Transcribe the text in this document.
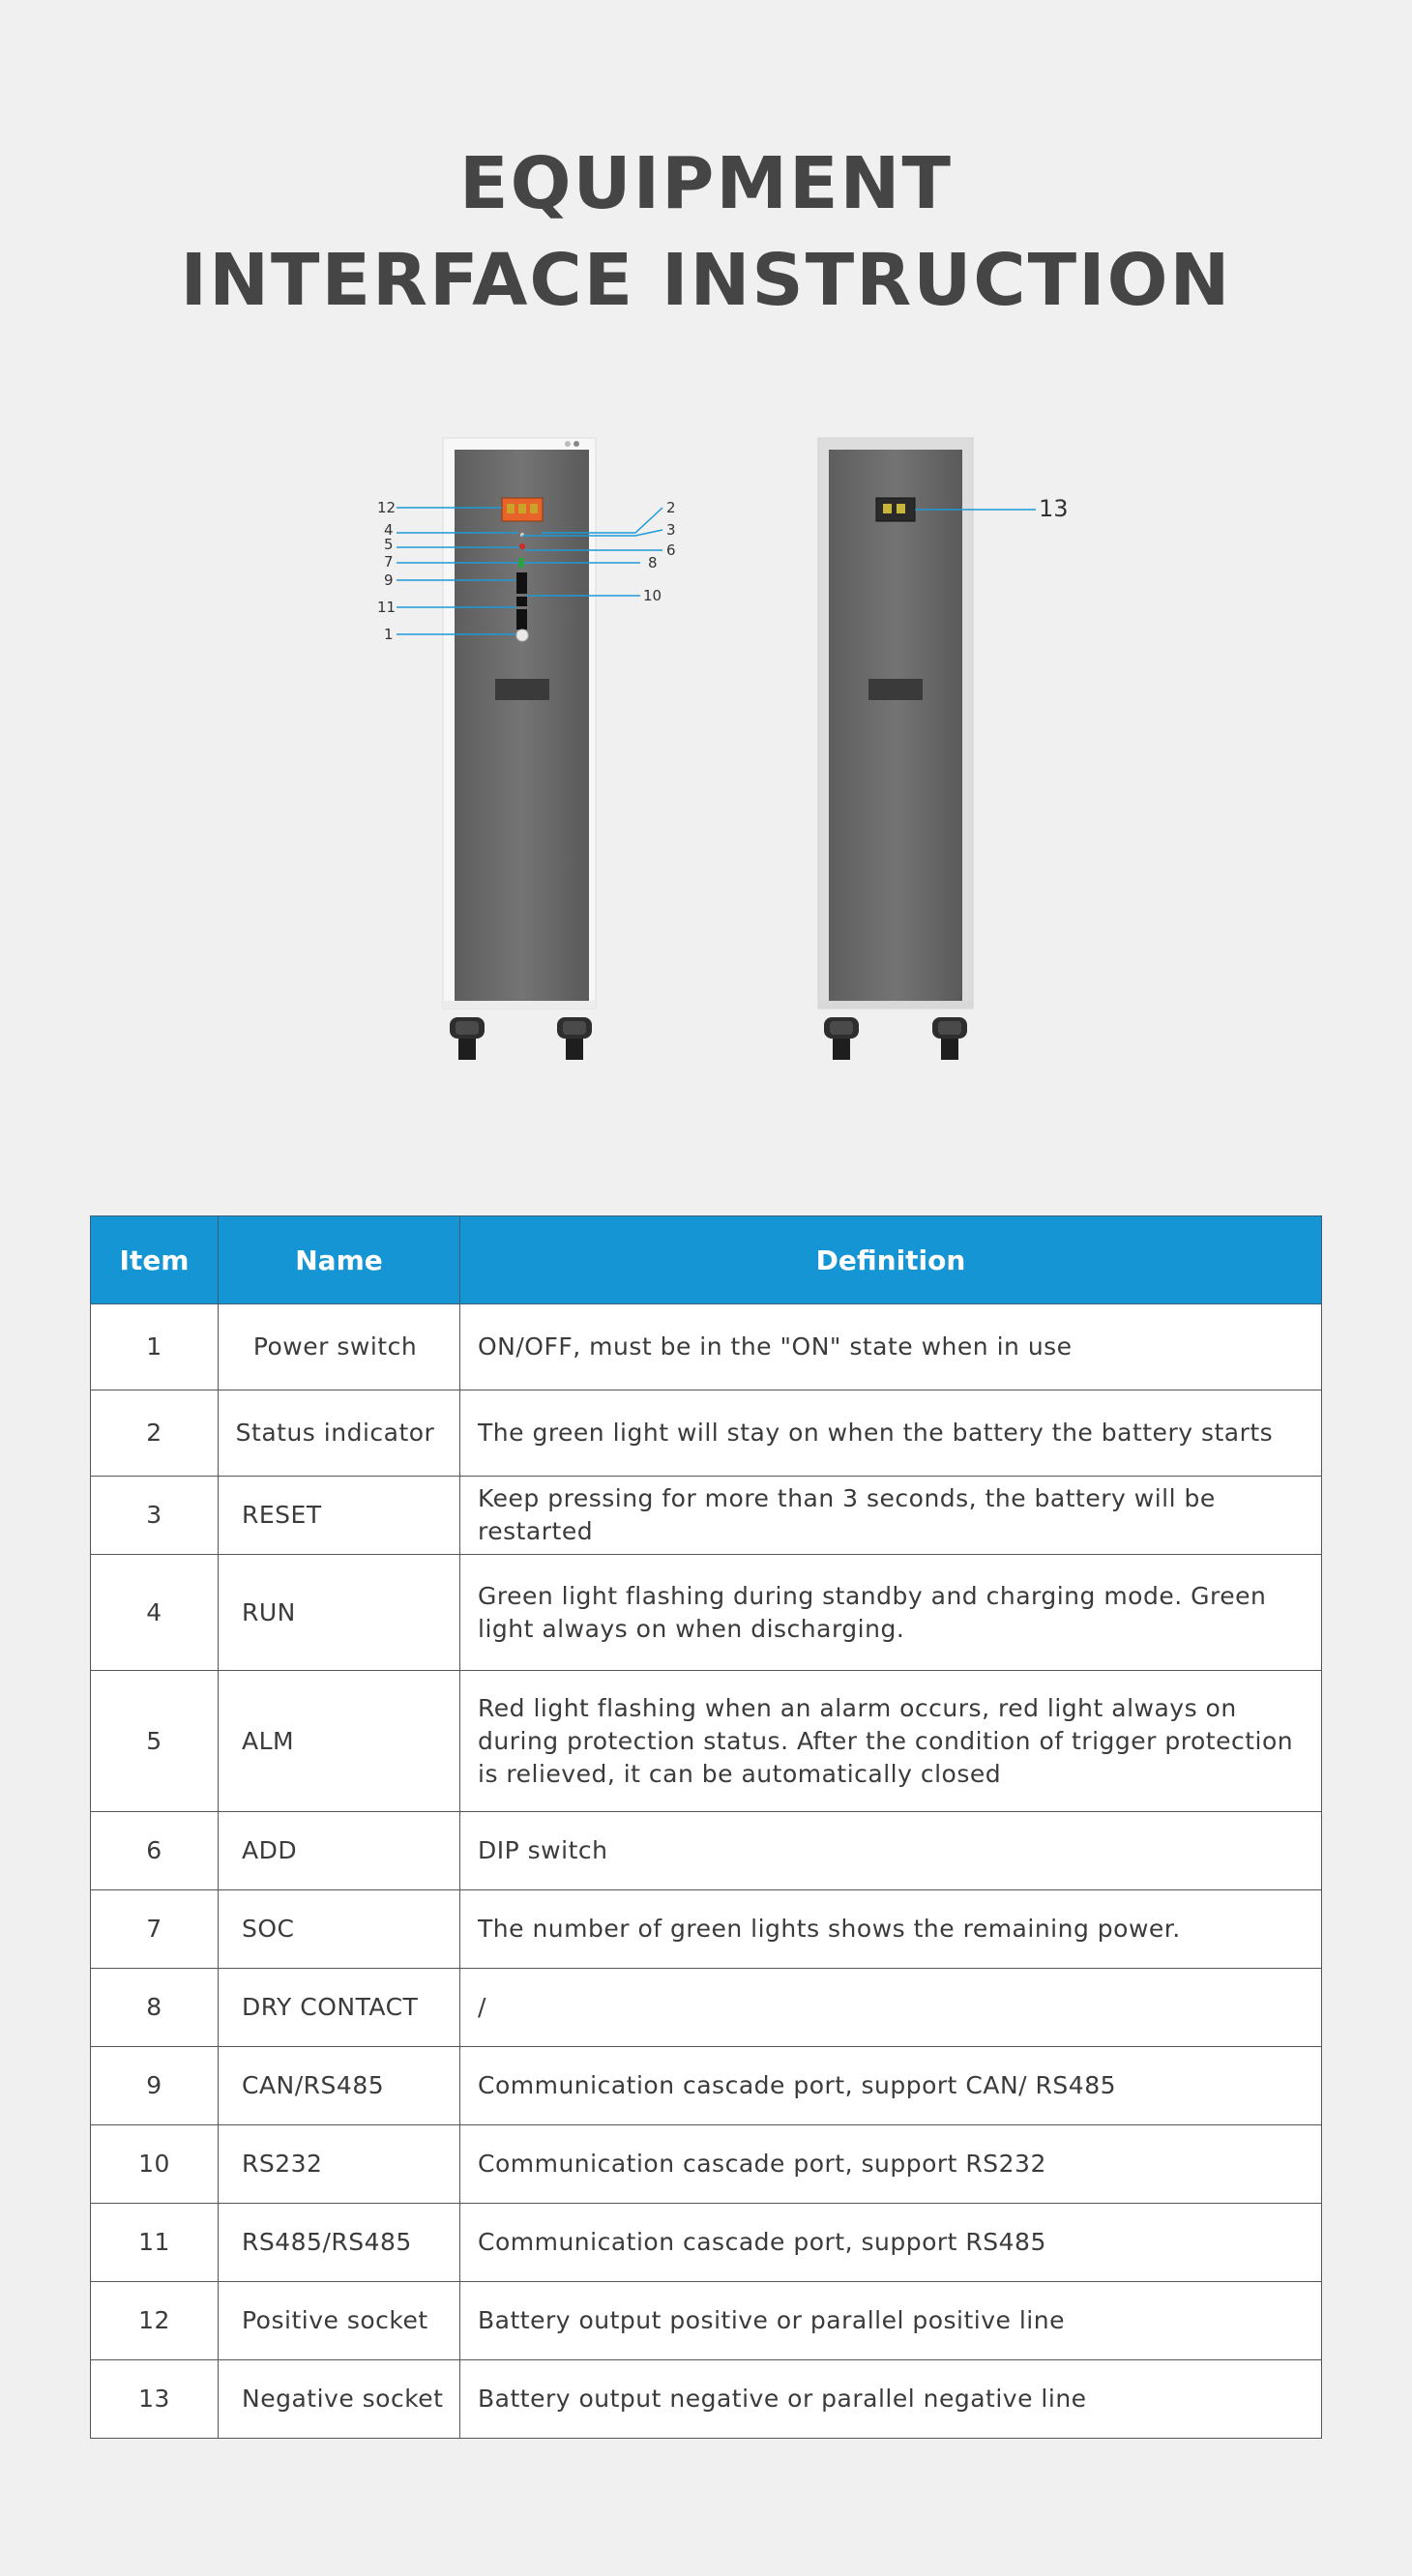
EQUIPMENT
INTERFACE INSTRUCTION
12	2
4	3
5	6
7	8
9
10
11
1
13
Item	Name	Definition
1	Power switch	ON/OFF, must be in the "ON" state when in use
2	Status indicator	The green light will stay on when the battery the battery starts
3	RESET	Keep pressing for more than 3 seconds, the battery will be restarted
4	RUN	Green light flashing during standby and charging mode. Green light always on when discharging.
5	ALM	Red light flashing when an alarm occurs, red light always on during protection status. After the condition of trigger protection is relieved, it can be automatically closed
6	ADD	DIP switch
7	SOC	The number of green lights shows the remaining power.
8	DRY CONTACT	/
9	CAN/RS485	Communication cascade port, support CAN/ RS485
10	RS232	Communication cascade port, support RS232
11	RS485/RS485	Communication cascade port, support RS485
12	Positive socket	Battery output positive or parallel positive line
13	Negative socket	Battery output negative or parallel negative line
